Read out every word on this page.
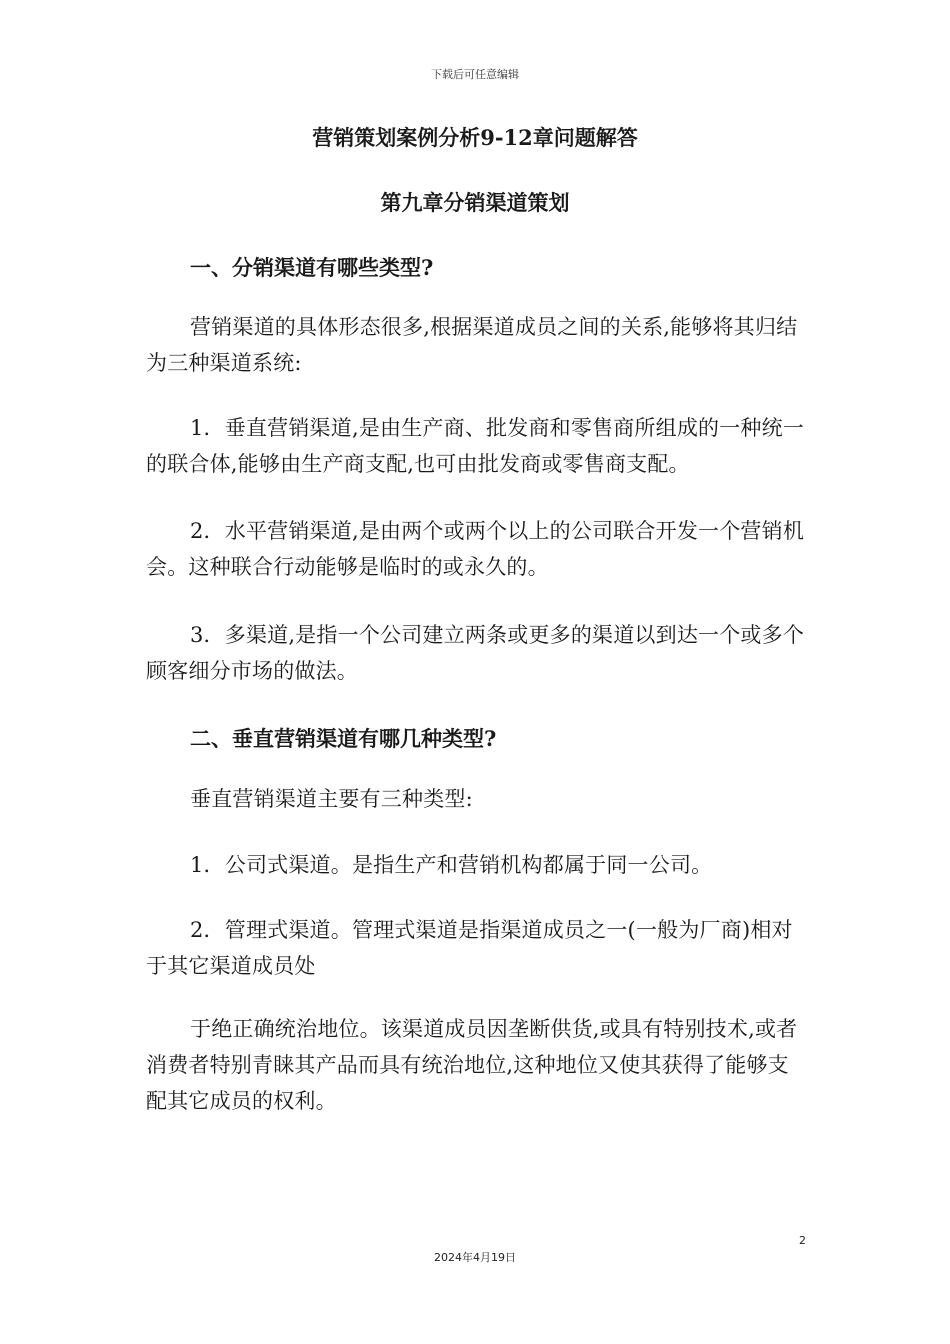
下载后可任意编辑
营销策划案例分析9-12章问题解答
第九章分销渠道策划
一、分销渠道有哪些类型?
营销渠道的具体形态很多,根据渠道成员之间的关系,能够将其归结为三种渠道系统:
1．垂直营销渠道,是由生产商、批发商和零售商所组成的一种统一的联合体,能够由生产商支配,也可由批发商或零售商支配。
2．水平营销渠道,是由两个或两个以上的公司联合开发一个营销机会。这种联合行动能够是临时的或永久的。
3．多渠道,是指一个公司建立两条或更多的渠道以到达一个或多个顾客细分市场的做法。
二、垂直营销渠道有哪几种类型?
垂直营销渠道主要有三种类型:
1．公司式渠道。是指生产和营销机构都属于同一公司。
2．管理式渠道。管理式渠道是指渠道成员之一(一般为厂商)相对于其它渠道成员处
于绝正确统治地位。该渠道成员因垄断供货,或具有特别技术,或者消费者特别青睐其产品而具有统治地位,这种地位又使其获得了能够支配其它成员的权利。
2
2024年4月19日
